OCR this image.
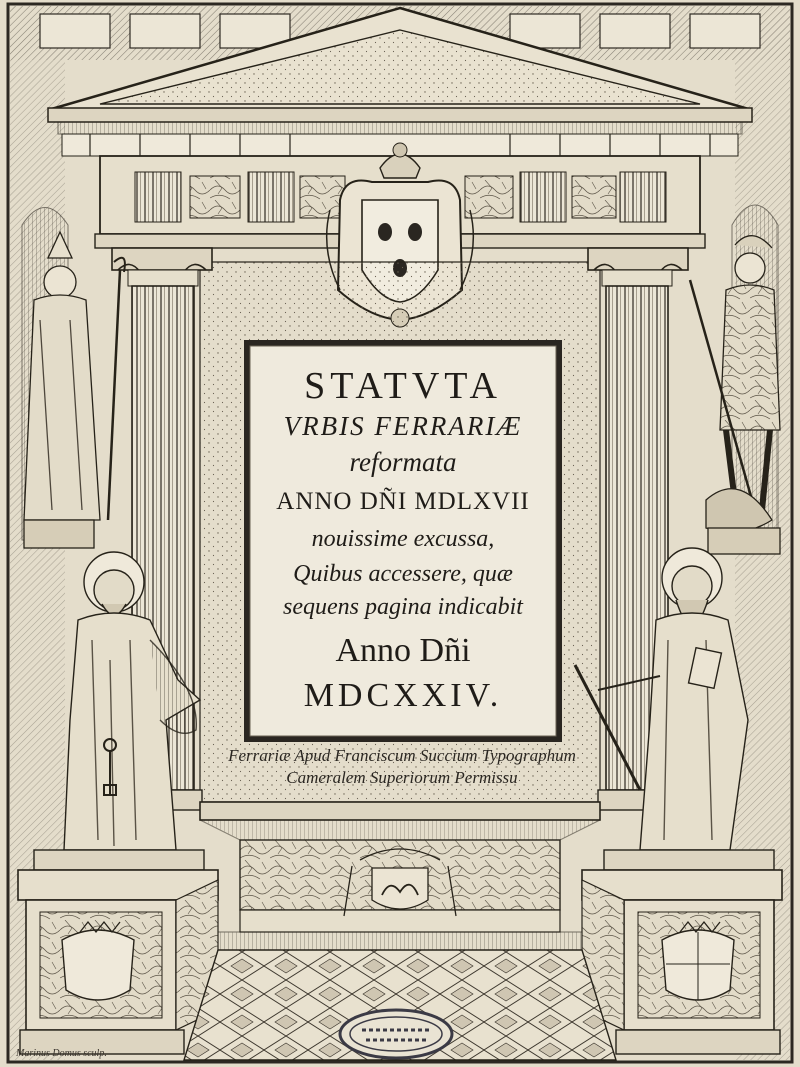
STATVTA
VRBIS FERRARIÆ
reformata
ANNO DÑI MDLXVII
nouissime excussa,
Quibus accessere, quæ
sequens pagina indicabit
Anno Dñi
MDCXXIV.
Ferrariæ Apud Franciscum Succium Typographum
Cameralem Superiorum Permissu
Marinus Domus sculp.
